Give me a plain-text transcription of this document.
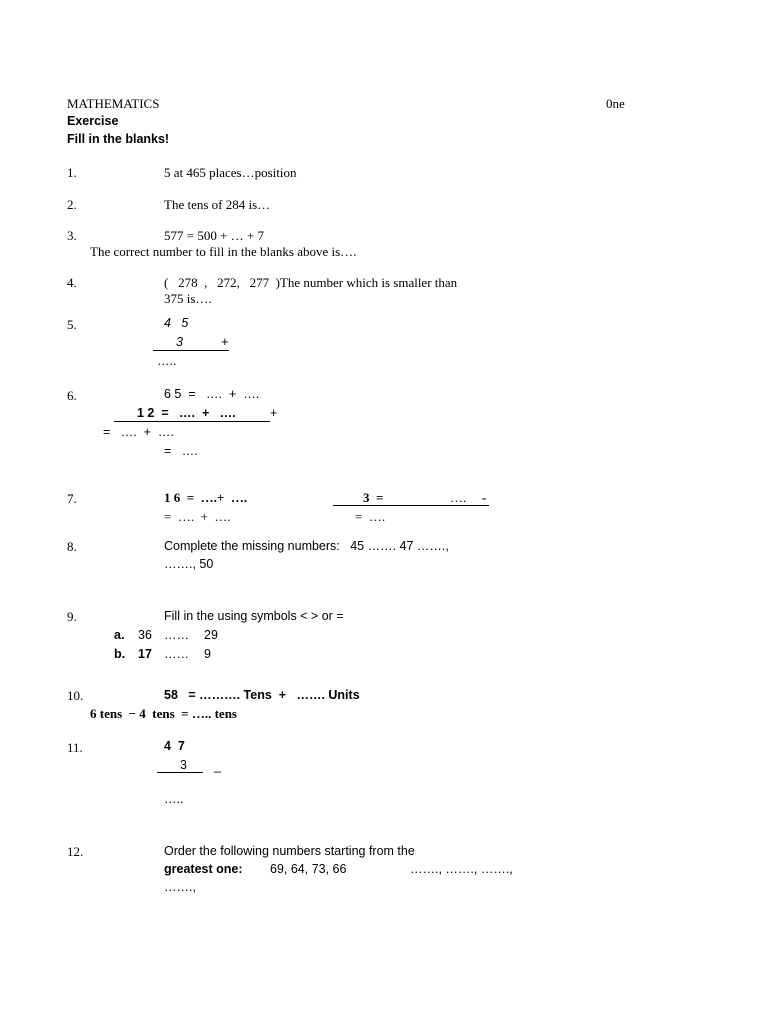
MATHEMATICS	0ne
Exercise
Fill in the blanks!
1.	5 at 465 places…position
2.	The tens of 284 is…
3.	577 = 500 + … + 7
The correct number to fill in the blanks above is….
4.	(   278  ,   272,   277  )The number which is smaller than
375 is….
5.	4   5
3	+
…..
6.	6 5  =   ….  +  ….
1 2  =   ….  +   ….	+
=   ….  +  ….
=   ….
7.	1 6  =  ….+  ….
=  ….  +  ….
3  =	…. -
=  ….
8.	Complete the missing numbers:   45 ……. 47 …….,
……., 50
9.	Fill in the using symbols < > or =
a. 36 …… 29
b. 17 …… 9
10.	58   = ………. Tens  +   ……. Units
6 tens  − 4  tens  = ….. tens
11.	4  7
3 _
…..
12.	Order the following numbers starting from the
greatest one: 69, 64, 73, 66	……., ……., …….,
…….,
